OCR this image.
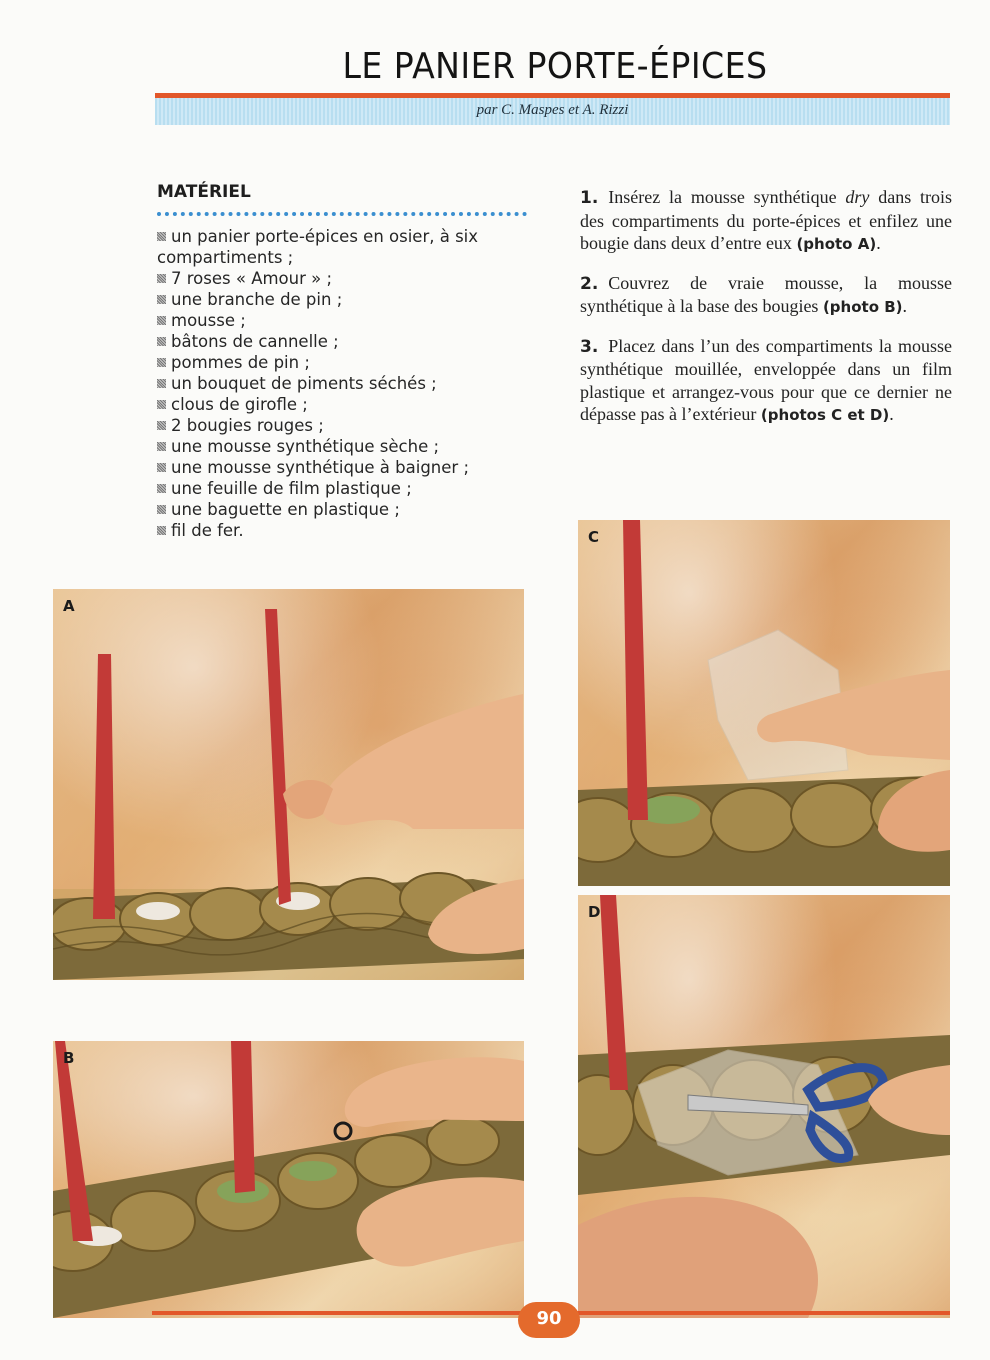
LE PANIER PORTE-ÉPICES
par C. Maspes et A. Rizzi
MATÉRIEL
un panier porte-épices en osier, à six
compartiments ;
7 roses « Amour » ;
une branche de pin ;
mousse ;
bâtons de cannelle ;
pommes de pin ;
un bouquet de piments séchés ;
clous de girofle ;
2 bougies rouges ;
une mousse synthétique sèche ;
une mousse synthétique à baigner ;
une feuille de film plastique ;
une baguette en plastique ;
fil de fer.

1. Insérez la mousse synthétique dry dans trois des compartiments du porte-épices et enfilez une bougie dans deux d’entre eux (photo A).

2. Couvrez de vraie mousse, la mousse synthétique à la base des bougies (photo B).

3. Placez dans l’un des compartiments la mousse synthétique mouillée, enveloppée dans un film plastique et arrangez-vous pour que ce dernier ne dépasse pas à l’extérieur (photos C et D).

A
B
C
D
90
